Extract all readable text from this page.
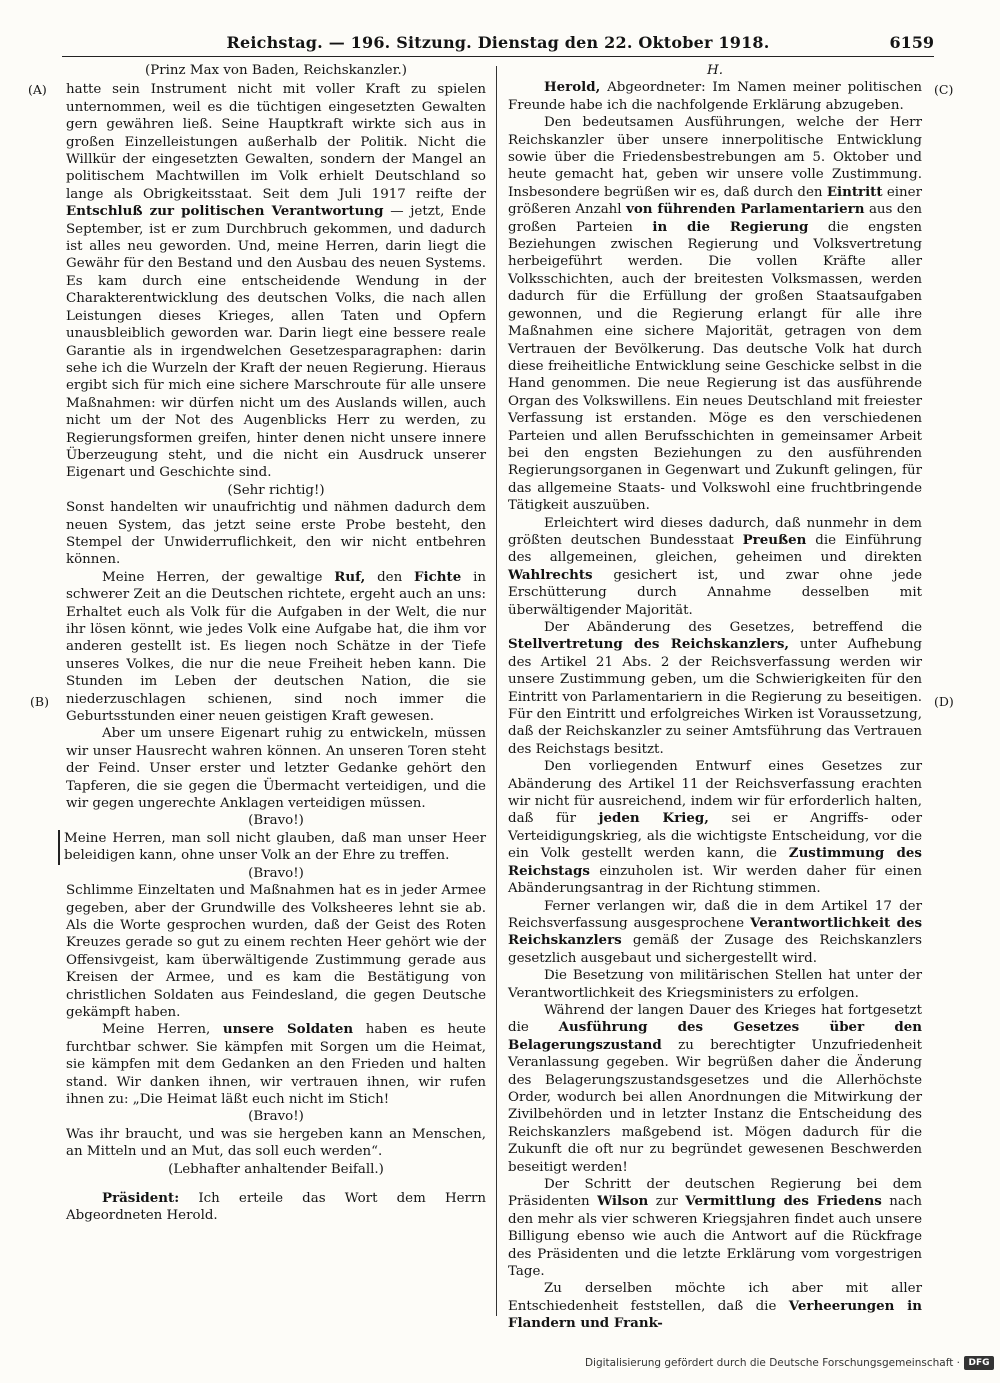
Reichstag. — 196. Sitzung. Dienstag den 22. Oktober 1918.	6159
(A)
(B)
(C)
(D)

(Prinz Max von Baden, Reichskanzler.)

hatte sein Instrument nicht mit voller Kraft zu spielen unternommen, weil es die tüchtigen eingesetzten Gewalten gern gewähren ließ. Seine Hauptkraft wirkte sich aus in großen Einzelleistungen außerhalb der Politik. Nicht die Willkür der eingesetzten Gewalten, sondern der Mangel an politischem Machtwillen im Volk erhielt Deutschland so lange als Obrigkeitsstaat. Seit dem Juli 1917 reifte der Entschluß zur politischen Verantwortung — jetzt, Ende September, ist er zum Durchbruch gekommen, und dadurch ist alles neu geworden. Und, meine Herren, darin liegt die Gewähr für den Bestand und den Ausbau des neuen Systems. Es kam durch eine entscheidende Wendung in der Charakterentwicklung des deutschen Volks, die nach allen Leistungen dieses Krieges, allen Taten und Opfern unausbleiblich geworden war. Darin liegt eine bessere reale Garantie als in irgendwelchen Gesetzesparagraphen: darin sehe ich die Wurzeln der Kraft der neuen Regierung. Hieraus ergibt sich für mich eine sichere Marschroute für alle unsere Maßnahmen: wir dürfen nicht um des Auslands willen, auch nicht um der Not des Augenblicks Herr zu werden, zu Regierungsformen greifen, hinter denen nicht unsere innere Überzeugung steht, und die nicht ein Ausdruck unserer Eigenart und Geschichte sind.

(Sehr richtig!)

Sonst handelten wir unaufrichtig und nähmen dadurch dem neuen System, das jetzt seine erste Probe besteht, den Stempel der Unwiderruflichkeit, den wir nicht entbehren können.

Meine Herren, der gewaltige Ruf, den Fichte in schwerer Zeit an die Deutschen richtete, ergeht auch an uns: Erhaltet euch als Volk für die Aufgaben in der Welt, die nur ihr lösen könnt, wie jedes Volk eine Aufgabe hat, die ihm vor anderen gestellt ist. Es liegen noch Schätze in der Tiefe unseres Volkes, die nur die neue Freiheit heben kann. Die Stunden im Leben der deutschen Nation, die sie niederzuschlagen schienen, sind noch immer die Geburtsstunden einer neuen geistigen Kraft gewesen.

Aber um unsere Eigenart ruhig zu entwickeln, müssen wir unser Hausrecht wahren können. An unseren Toren steht der Feind. Unser erster und letzter Gedanke gehört den Tapferen, die sie gegen die Übermacht verteidigen, und die wir gegen ungerechte Anklagen verteidigen müssen.

(Bravo!)

Meine Herren, man soll nicht glauben, daß man unser Heer beleidigen kann, ohne unser Volk an der Ehre zu treffen.

(Bravo!)

Schlimme Einzeltaten und Maßnahmen hat es in jeder Armee gegeben, aber der Grundwille des Volksheeres lehnt sie ab. Als die Worte gesprochen wurden, daß der Geist des Roten Kreuzes gerade so gut zu einem rechten Heer gehört wie der Offensivgeist, kam überwältigende Zustimmung gerade aus Kreisen der Armee, und es kam die Bestätigung von christlichen Soldaten aus Feindesland, die gegen Deutsche gekämpft haben.

Meine Herren, unsere Soldaten haben es heute furchtbar schwer. Sie kämpfen mit Sorgen um die Heimat, sie kämpfen mit dem Gedanken an den Frieden und halten stand. Wir danken ihnen, wir vertrauen ihnen, wir rufen ihnen zu: „Die Heimat läßt euch nicht im Stich!

(Bravo!)

Was ihr braucht, und was sie hergeben kann an Menschen, an Mitteln und an Mut, das soll euch werden“.

(Lebhafter anhaltender Beifall.)

Präsident: Ich erteile das Wort dem Herrn Abgeordneten Herold.

H.

Herold, Abgeordneter: Im Namen meiner politischen Freunde habe ich die nachfolgende Erklärung abzugeben.

Den bedeutsamen Ausführungen, welche der Herr Reichskanzler über unsere innerpolitische Entwicklung sowie über die Friedensbestrebungen am 5. Oktober und heute gemacht hat, geben wir unsere volle Zustimmung. Insbesondere begrüßen wir es, daß durch den Eintritt einer größeren Anzahl von führenden Parlamentariern aus den großen Parteien in die Regierung die engsten Beziehungen zwischen Regierung und Volksvertretung herbeigeführt werden. Die vollen Kräfte aller Volksschichten, auch der breitesten Volksmassen, werden dadurch für die Erfüllung der großen Staatsaufgaben gewonnen, und die Regierung erlangt für alle ihre Maßnahmen eine sichere Majorität, getragen von dem Vertrauen der Bevölkerung. Das deutsche Volk hat durch diese freiheitliche Entwicklung seine Geschicke selbst in die Hand genommen. Die neue Regierung ist das ausführende Organ des Volkswillens. Ein neues Deutschland mit freiester Verfassung ist erstanden. Möge es den verschiedenen Parteien und allen Berufsschichten in gemeinsamer Arbeit bei den engsten Beziehungen zu den ausführenden Regierungsorganen in Gegenwart und Zukunft gelingen, für das allgemeine Staats- und Volkswohl eine fruchtbringende Tätigkeit auszuüben.

Erleichtert wird dieses dadurch, daß nunmehr in dem größten deutschen Bundesstaat Preußen die Einführung des allgemeinen, gleichen, geheimen und direkten Wahlrechts gesichert ist, und zwar ohne jede Erschütterung durch Annahme desselben mit überwältigender Majorität.

Der Abänderung des Gesetzes, betreffend die Stellvertretung des Reichskanzlers, unter Aufhebung des Artikel 21 Abs. 2 der Reichsverfassung werden wir unsere Zustimmung geben, um die Schwierigkeiten für den Eintritt von Parlamentariern in die Regierung zu beseitigen. Für den Eintritt und erfolgreiches Wirken ist Voraussetzung, daß der Reichskanzler zu seiner Amtsführung das Vertrauen des Reichstags besitzt.

Den vorliegenden Entwurf eines Gesetzes zur Abänderung des Artikel 11 der Reichsverfassung erachten wir nicht für ausreichend, indem wir für erforderlich halten, daß für jeden Krieg, sei er Angriffs- oder Verteidigungskrieg, als die wichtigste Entscheidung, vor die ein Volk gestellt werden kann, die Zustimmung des Reichstags einzuholen ist. Wir werden daher für einen Abänderungsantrag in der Richtung stimmen.

Ferner verlangen wir, daß die in dem Artikel 17 der Reichsverfassung ausgesprochene Verantwortlichkeit des Reichskanzlers gemäß der Zusage des Reichskanzlers gesetzlich ausgebaut und sichergestellt wird.

Die Besetzung von militärischen Stellen hat unter der Verantwortlichkeit des Kriegsministers zu erfolgen.

Während der langen Dauer des Krieges hat fortgesetzt die Ausführung des Gesetzes über den Belagerungszustand zu berechtigter Unzufriedenheit Veranlassung gegeben. Wir begrüßen daher die Änderung des Belagerungszustandsgesetzes und die Allerhöchste Order, wodurch bei allen Anordnungen die Mitwirkung der Zivilbehörden und in letzter Instanz die Entscheidung des Reichskanzlers maßgebend ist. Mögen dadurch für die Zukunft die oft nur zu begründet gewesenen Beschwerden beseitigt werden!

Der Schritt der deutschen Regierung bei dem Präsidenten Wilson zur Vermittlung des Friedens nach den mehr als vier schweren Kriegsjahren findet auch unsere Billigung ebenso wie auch die Antwort auf die Rückfrage des Präsidenten und die letzte Erklärung vom vorgestrigen Tage.

Zu derselben möchte ich aber mit aller Entschiedenheit feststellen, daß die Verheerungen in Flandern und Frank-

Digitalisierung gefördert durch die Deutsche Forschungsgemeinschaft · DFG
